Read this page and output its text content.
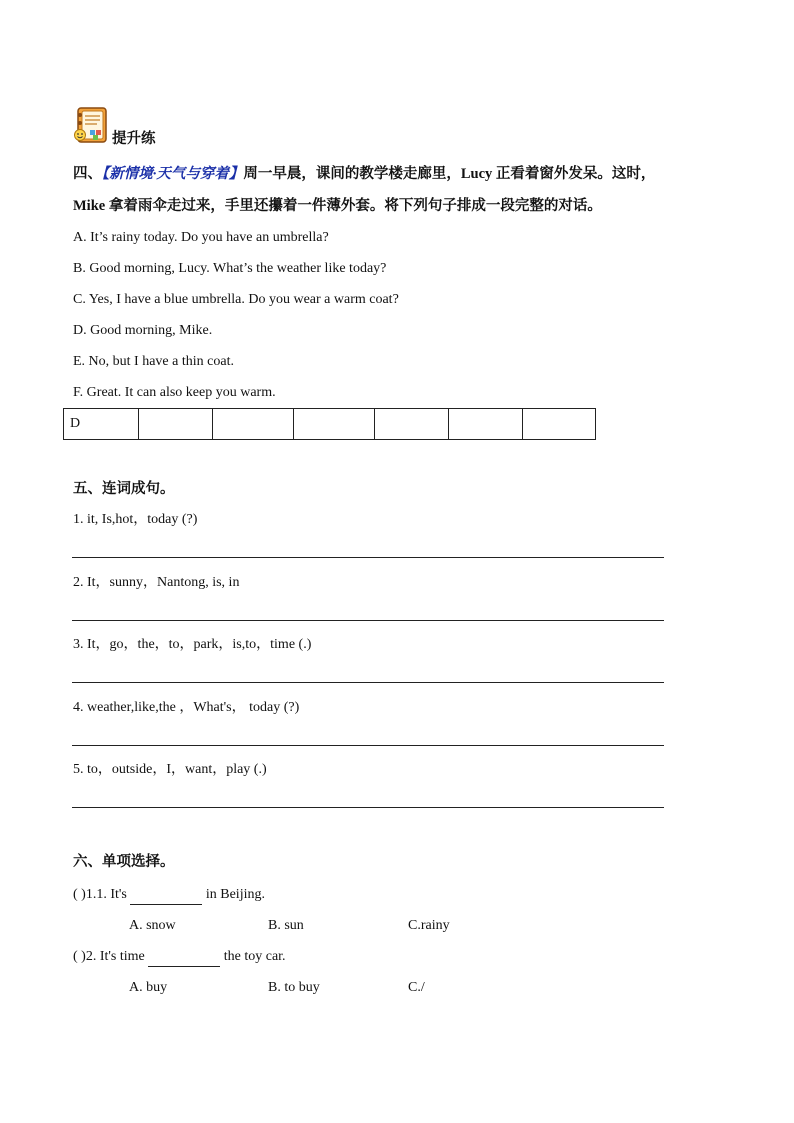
提升练
四、【新情境·天气与穿着】周一早晨，课间的教学楼走廊里，Lucy 正看着窗外发呆。这时，
Mike 拿着雨伞走过来，手里还攥着一件薄外套。将下列句子排成一段完整的对话。
A. It’s rainy today. Do you have an umbrella?
B. Good morning, Lucy. What’s the weather like today?
C. Yes, I have a blue umbrella. Do you wear a warm coat?
D. Good morning, Mike.
E. No, but I have a thin coat.
F. Great. It can also keep you warm.
D						
五、连词成句。
1. it, Is,hot，today (?)
2. It，sunny，Nantong, is, in
3. It，go，the，to，park，is,to，time (.)
4. weather,like,the ，What's， today (?)
5. to，outside，I，want，play (.)
六、单项选择。
( )1.1. It's	in Beijing.
A. snow	B. sun	C.rainy
( )2. It's time	the toy car.
A. buy	B. to buy	C./
